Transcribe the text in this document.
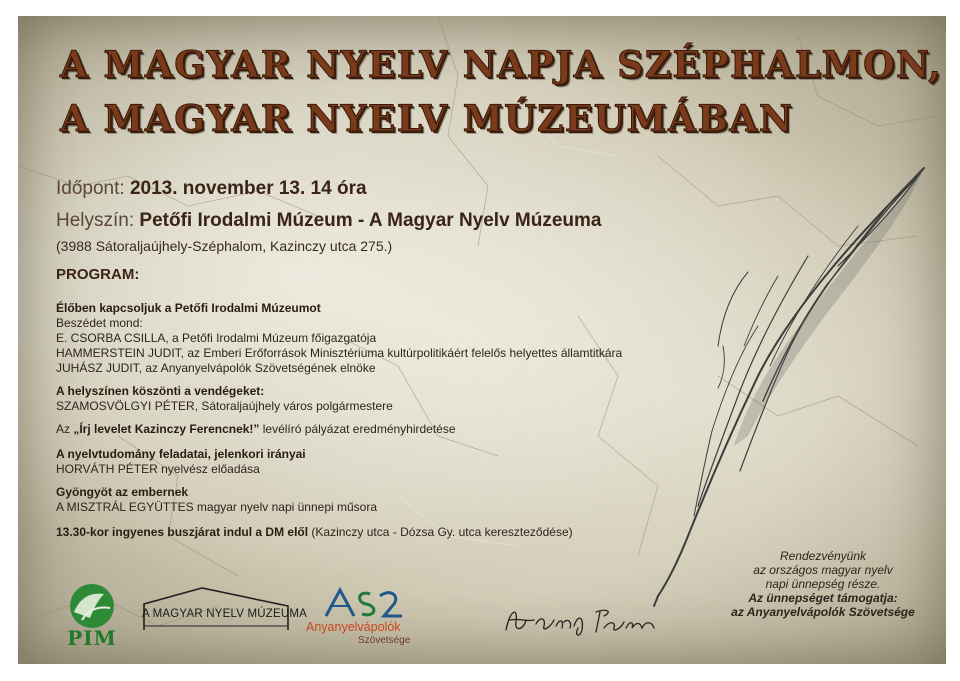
A MAGYAR NYELV NAPJA SZÉPHALMON,
A MAGYAR NYELV MÚZEUMÁBAN
Időpont: 2013. november 13. 14 óra
Helyszín: Petőfi Irodalmi Múzeum - A Magyar Nyelv Múzeuma
(3988 Sátoraljaújhely-Széphalom, Kazinczy utca 275.)
PROGRAM:
Élőben kapcsoljuk a Petőfi Irodalmi Múzeumot
Beszédet mond:
E. CSORBA CSILLA, a Petőfi Irodalmi Múzeum főigazgatója
HAMMERSTEIN JUDIT, az Emberi Erőforrások Minisztériuma kultúrpolitikáért felelős helyettes államtitkára
JUHÁSZ JUDIT, az Anyanyelvápolók Szövetségének elnöke
A helyszínen köszönti a vendégeket:
SZAMOSVÖLGYI PÉTER, Sátoraljaújhely város polgármestere
Az „Írj levelet Kazinczy Ferencnek!” levélíró pályázat eredményhirdetése
A nyelvtudomány feladatai, jelenkori irányai
HORVÁTH PÉTER nyelvész előadása
Gyöngyöt az embernek
A MISZTRÁL EGYÜTTES magyar nyelv napi ünnepi műsora
13.30-kor ingyenes buszjárat indul a DM elől (Kazinczy utca - Dózsa Gy. utca kereszteződése)
Rendezvényünk
az országos magyar nyelv
napi ünnepség része.
Az ünnepséget támogatja:
az Anyanyelvápolók Szövetsége
PIM
A MAGYAR NYELV MÚZEUMA
Anyanyelvápolók
Szövetsége
